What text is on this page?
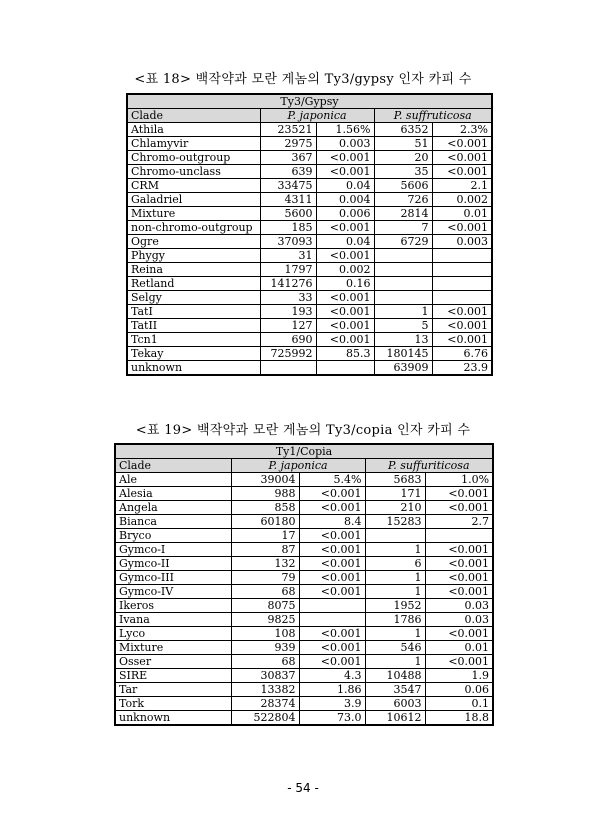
<표 18> 백작약과 모란 게놈의 Ty3/gypsy 인자 카피 수
Ty3/Gypsy				
Clade	P. japonica		P. suffruticosa	
Athila	23521	1.56%	6352	2.3%
Chlamyvir	2975	0.003	51	<0.001
Chromo-outgroup	367	<0.001	20	<0.001
Chromo-unclass	639	<0.001	35	<0.001
CRM	33475	0.04	5606	2.1
Galadriel	4311	0.004	726	0.002
Mixture	5600	0.006	2814	0.01
non-chromo-outgroup	185	<0.001	7	<0.001
Ogre	37093	0.04	6729	0.003
Phygy	31	<0.001		
Reina	1797	0.002		
Retland	141276	0.16		
Selgy	33	<0.001		
TatI	193	<0.001	1	<0.001
TatII	127	<0.001	5	<0.001
Tcn1	690	<0.001	13	<0.001
Tekay	725992	85.3	180145	6.76
unknown			63909	23.9
<표 19> 백작약과 모란 게놈의 Ty3/copia 인자 카피 수
Ty1/Copia				
Clade	P. japonica		P. suffuriticosa	
Ale	39004	5.4%	5683	1.0%
Alesia	988	<0.001	171	<0.001
Angela	858	<0.001	210	<0.001
Bianca	60180	8.4	15283	2.7
Bryco	17	<0.001		
Gymco-I	87	<0.001	1	<0.001
Gymco-II	132	<0.001	6	<0.001
Gymco-III	79	<0.001	1	<0.001
Gymco-IV	68	<0.001	1	<0.001
Ikeros	8075		1952	0.03
Ivana	9825		1786	0.03
Lyco	108	<0.001	1	<0.001
Mixture	939	<0.001	546	0.01
Osser	68	<0.001	1	<0.001
SIRE	30837	4.3	10488	1.9
Tar	13382	1.86	3547	0.06
Tork	28374	3.9	6003	0.1
unknown	522804	73.0	10612	18.8
- 54 -
